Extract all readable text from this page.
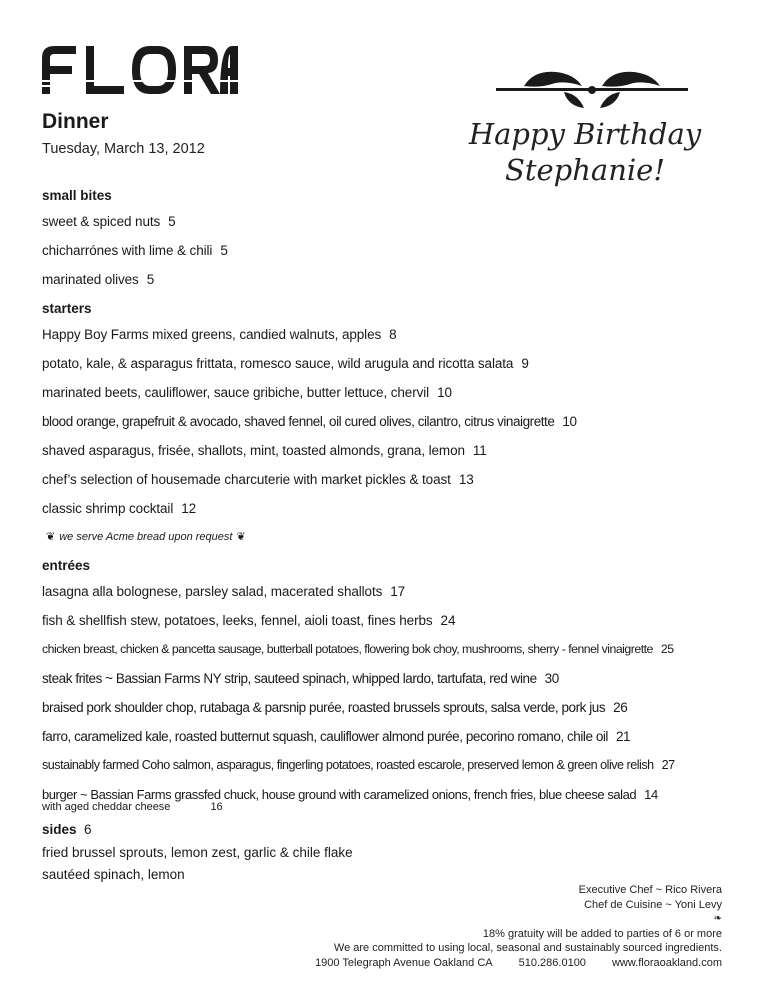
Happy Birthday
Stephanie!
Dinner
Tuesday, March 13, 2012
small bites
sweet & spiced nuts 5
chicharrónes with lime & chili 5
marinated olives 5
starters
Happy Boy Farms mixed greens, candied walnuts, apples 8
potato, kale, & asparagus frittata, romesco sauce, wild arugula and ricotta salata 9
marinated beets, cauliflower, sauce gribiche, butter lettuce, chervil 10
blood orange, grapefruit & avocado, shaved fennel, oil cured olives, cilantro, citrus vinaigrette 10
shaved asparagus, frisée, shallots, mint, toasted almonds, grana, lemon 11
chef’s selection of housemade charcuterie with market pickles & toast 13
classic shrimp cocktail 12
❦ we serve Acme bread upon request ❦
entrées
lasagna alla bolognese, parsley salad, macerated shallots 17
fish & shellfish stew, potatoes, leeks, fennel, aioli toast, fines herbs 24
chicken breast, chicken & pancetta sausage, butterball potatoes, flowering bok choy, mushrooms, sherry - fennel vinaigrette 25
steak frites ~ Bassian Farms NY strip, sauteed spinach, whipped lardo, tartufata, red wine 30
braised pork shoulder chop, rutabaga & parsnip purée, roasted brussels sprouts, salsa verde, pork jus 26
farro, caramelized kale, roasted butternut squash, cauliflower almond purée, pecorino romano, chile oil 21
sustainably farmed Coho salmon, asparagus, fingerling potatoes, roasted escarole, preserved lemon & green olive relish 27
burger ~ Bassian Farms grassfed chuck, house ground with caramelized onions, french fries, blue cheese salad 14
with aged cheddar cheese	16
sides 6
fried brussel sprouts, lemon zest, garlic & chile flake
sautéed spinach, lemon
Executive Chef ~ Rico Rivera
Chef de Cuisine ~ Yoni Levy
❧
18% gratuity will be added to parties of 6 or more
We are committed to using local, seasonal and sustainably sourced ingredients.
1900 Telegraph Avenue Oakland CA 510.286.0100 www.floraoakland.com
